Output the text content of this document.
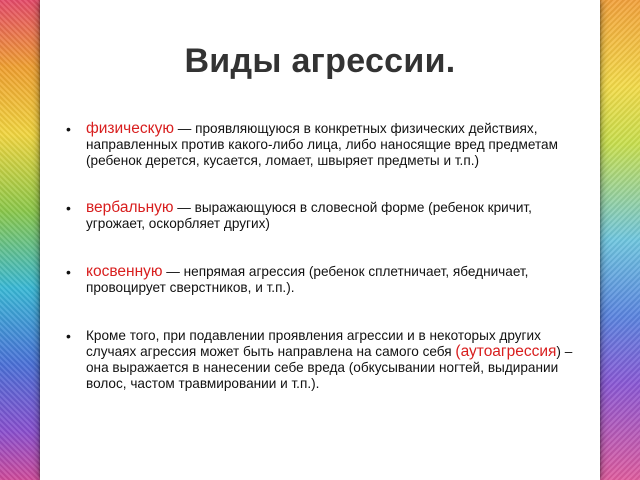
Виды агрессии.
• физическую — проявляющуюся в конкретных физических действиях, направленных против какого-либо лица, либо наносящие вред предметам (ребенок дерется, кусается, ломает, швыряет предметы и т.п.)
• вербальную — выражающуюся в словесной форме (ребенок кричит, угрожает, оскорбляет других)
• косвенную — непрямая агрессия (ребенок сплетничает, ябедничает, провоцирует сверстников, и т.п.).
• Кроме того, при подавлении проявления агрессии и в некоторых других случаях агрессия может быть направлена на самого себя (аутоагрессия) – она выражается в нанесении себе вреда (обкусывании ногтей, выдирании волос, частом травмировании и т.п.).
